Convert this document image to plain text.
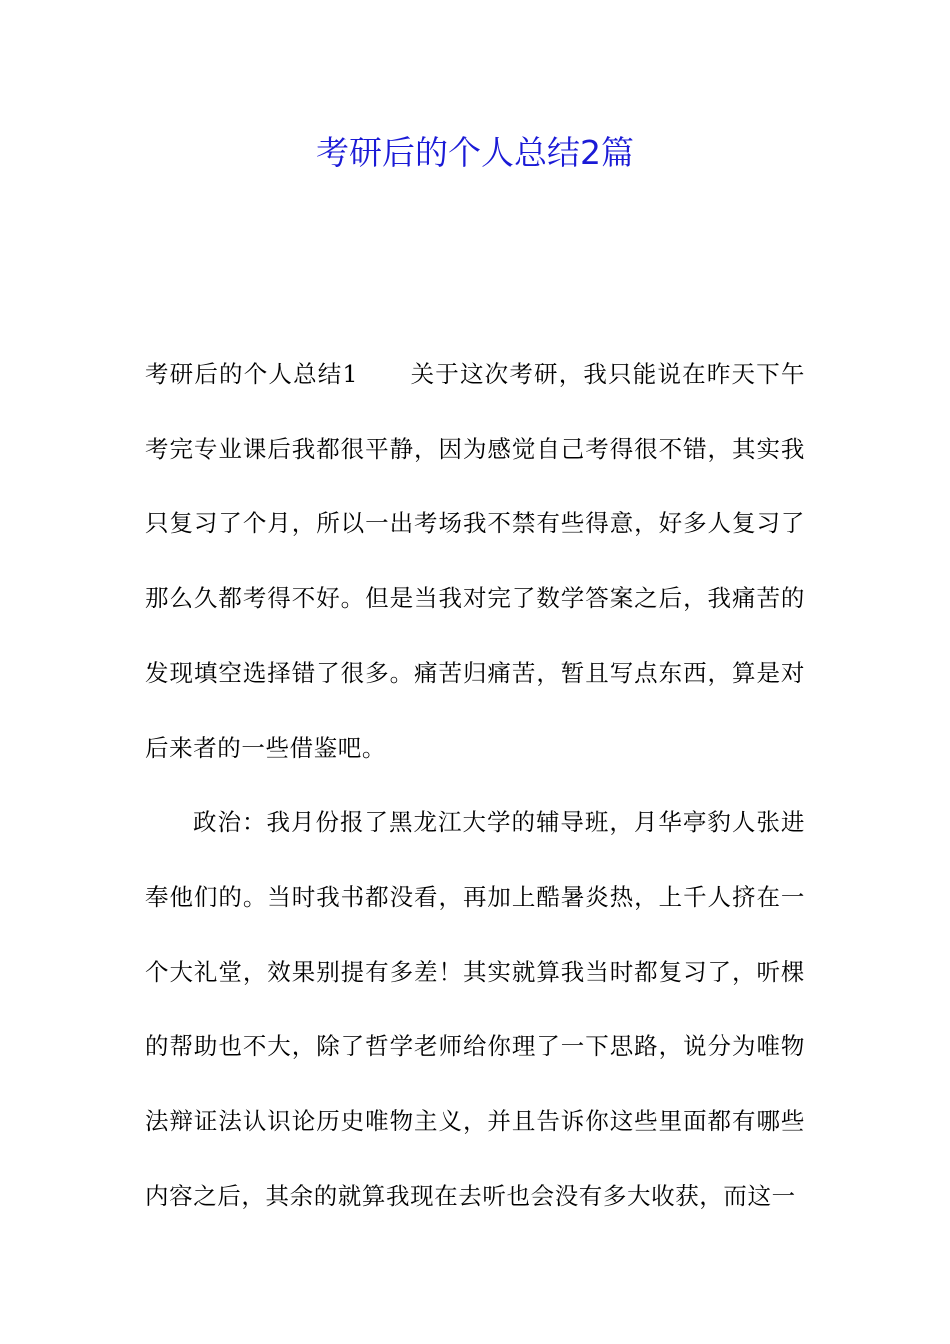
考研后的个人总结2篇

考研后的个人总结1 关于这次考研，我只能说在昨天下午考完专业课后我都很平静，因为感觉自己考得很不错，其实我只复习了个月，所以一出考场我不禁有些得意，好多人复习了那么久都考得不好。但是当我对完了数学答案之后，我痛苦的发现填空选择错了很多。痛苦归痛苦，暂且写点东西，算是对后来者的一些借鉴吧。

政治：我月份报了黑龙江大学的辅导班，月华亭豹人张进奉他们的。当时我书都没看，再加上酷暑炎热，上千人挤在一个大礼堂，效果别提有多差！其实就算我当时都复习了，听棵的帮助也不大，除了哲学老师给你理了一下思路，说分为唯物法辩证法认识论历史唯物主义，并且告诉你这些里面都有哪些内容之后，其余的就算我现在去听也会没有多大收获，而这一
